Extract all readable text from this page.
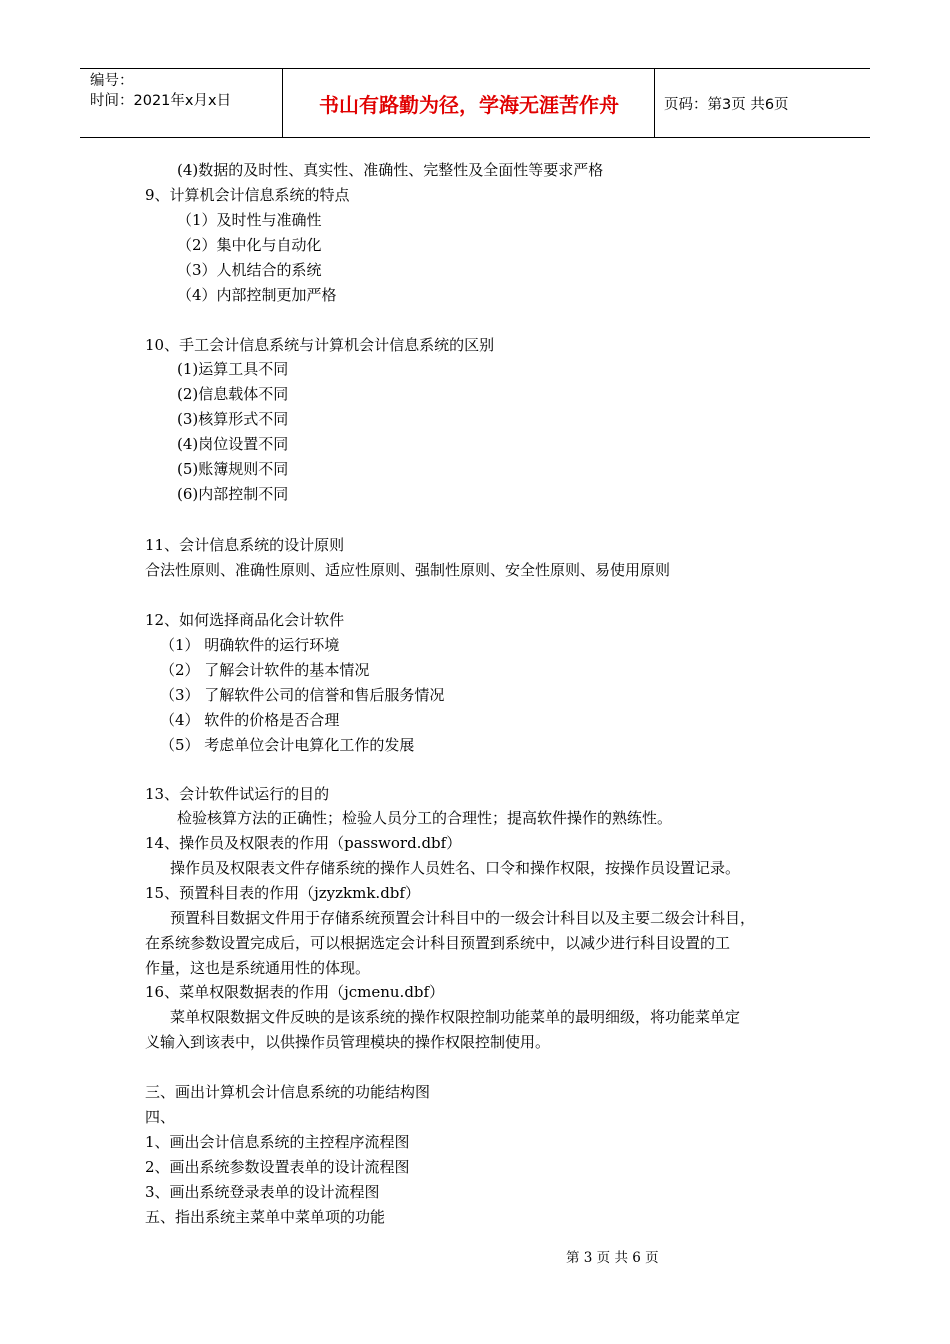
编号：
时间：2021年x月x日	书山有路勤为径，学海无涯苦作舟	页码：第3页 共6页
(4)数据的及时性、真实性、准确性、完整性及全面性等要求严格
9、计算机会计信息系统的特点
（1）及时性与准确性
（2）集中化与自动化
（3）人机结合的系统
（4）内部控制更加严格
10、手工会计信息系统与计算机会计信息系统的区别
(1)运算工具不同
(2)信息载体不同
(3)核算形式不同
(4)岗位设置不同
(5)账簿规则不同
(6)内部控制不同
11、会计信息系统的设计原则
合法性原则、准确性原则、适应性原则、强制性原则、安全性原则、易使用原则
12、如何选择商品化会计软件
（1） 明确软件的运行环境
（2） 了解会计软件的基本情况
（3） 了解软件公司的信誉和售后服务情况
（4） 软件的价格是否合理
（5） 考虑单位会计电算化工作的发展
13、会计软件试运行的目的
检验核算方法的正确性；检验人员分工的合理性；提高软件操作的熟练性。
14、操作员及权限表的作用（password.dbf）
操作员及权限表文件存储系统的操作人员姓名、口令和操作权限，按操作员设置记录。
15、预置科目表的作用（jzyzkmk.dbf）
预置科目数据文件用于存储系统预置会计科目中的一级会计科目以及主要二级会计科目，
在系统参数设置完成后，可以根据选定会计科目预置到系统中，以减少进行科目设置的工
作量，这也是系统通用性的体现。
16、菜单权限数据表的作用（jcmenu.dbf）
菜单权限数据文件反映的是该系统的操作权限控制功能菜单的最明细级，将功能菜单定
义输入到该表中，以供操作员管理模块的操作权限控制使用。
三、画出计算机会计信息系统的功能结构图
四、
1、画出会计信息系统的主控程序流程图
2、画出系统参数设置表单的设计流程图
3、画出系统登录表单的设计流程图
五、指出系统主菜单中菜单项的功能
第 3 页 共 6 页
